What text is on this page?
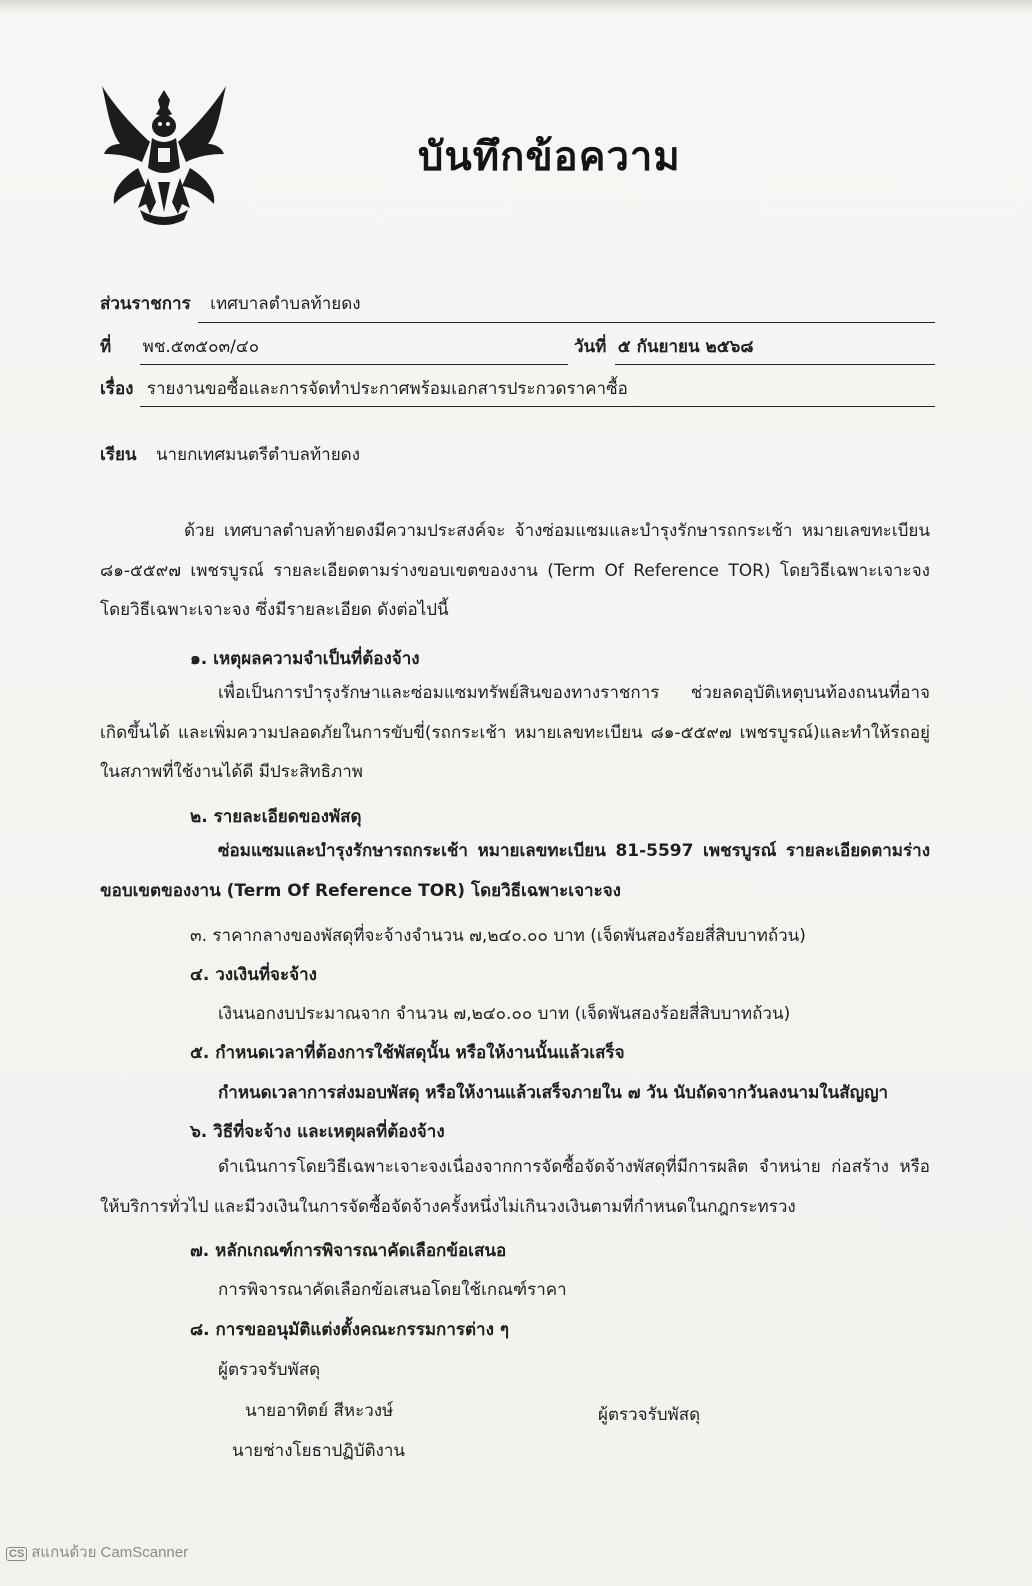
บันทึกข้อความ
ส่วนราชการ เทศบาลตำบลท้ายดง
ที่ พช.๕๓๕๐๓/๔๐	วันที่ ๕ กันยายน ๒๕๖๘
เรื่อง รายงานขอซื้อและการจัดทำประกาศพร้อมเอกสารประกวดราคาซื้อ
เรียน นายกเทศมนตรีตำบลท้ายดง
ด้วย เทศบาลตำบลท้ายดงมีความประสงค์จะ จ้างซ่อมแซมและบำรุงรักษารถกระเช้า หมายเลขทะเบียน ๘๑-๕๕๙๗ เพชรบูรณ์ รายละเอียดตามร่างขอบเขตของงาน (Term Of Reference TOR) โดยวิธีเฉพาะเจาะจง โดยวิธีเฉพาะเจาะจง ซึ่งมีรายละเอียด ดังต่อไปนี้
๑. เหตุผลความจำเป็นที่ต้องจ้าง
เพื่อเป็นการบำรุงรักษาและซ่อมแซมทรัพย์สินของทางราชการ ช่วยลดอุบัติเหตุบนท้องถนนที่อาจเกิดขึ้นได้ และเพิ่มความปลอดภัยในการขับขี่(รถกระเช้า หมายเลขทะเบียน ๘๑-๕๕๙๗ เพชรบูรณ์)และทำให้รถอยู่ในสภาพที่ใช้งานได้ดี มีประสิทธิภาพ
๒. รายละเอียดของพัสดุ
ซ่อมแซมและบำรุงรักษารถกระเช้า หมายเลขทะเบียน 81-5597 เพชรบูรณ์ รายละเอียดตามร่างขอบเขตของงาน (Term Of Reference TOR) โดยวิธีเฉพาะเจาะจง
๓. ราคากลางของพัสดุที่จะจ้างจำนวน ๗,๒๔๐.๐๐ บาท (เจ็ดพันสองร้อยสี่สิบบาทถ้วน)
๔. วงเงินที่จะจ้าง
เงินนอกงบประมาณจาก จำนวน ๗,๒๔๐.๐๐ บาท (เจ็ดพันสองร้อยสี่สิบบาทถ้วน)
๕. กำหนดเวลาที่ต้องการใช้พัสดุนั้น หรือให้งานนั้นแล้วเสร็จ
กำหนดเวลาการส่งมอบพัสดุ หรือให้งานแล้วเสร็จภายใน ๗ วัน นับถัดจากวันลงนามในสัญญา
๖. วิธีที่จะจ้าง และเหตุผลที่ต้องจ้าง
ดำเนินการโดยวิธีเฉพาะเจาะจงเนื่องจากการจัดซื้อจัดจ้างพัสดุที่มีการผลิต จำหน่าย ก่อสร้าง หรือให้บริการทั่วไป และมีวงเงินในการจัดซื้อจัดจ้างครั้งหนึ่งไม่เกินวงเงินตามที่กำหนดในกฎกระทรวง
๗. หลักเกณฑ์การพิจารณาคัดเลือกข้อเสนอ
การพิจารณาคัดเลือกข้อเสนอโดยใช้เกณฑ์ราคา
๘. การขออนุมัติแต่งตั้งคณะกรรมการต่าง ๆ
ผู้ตรวจรับพัสดุ
นายอาทิตย์ สีหะวงษ์	ผู้ตรวจรับพัสดุ
นายช่างโยธาปฏิบัติงาน
CS สแกนด้วย CamScanner
